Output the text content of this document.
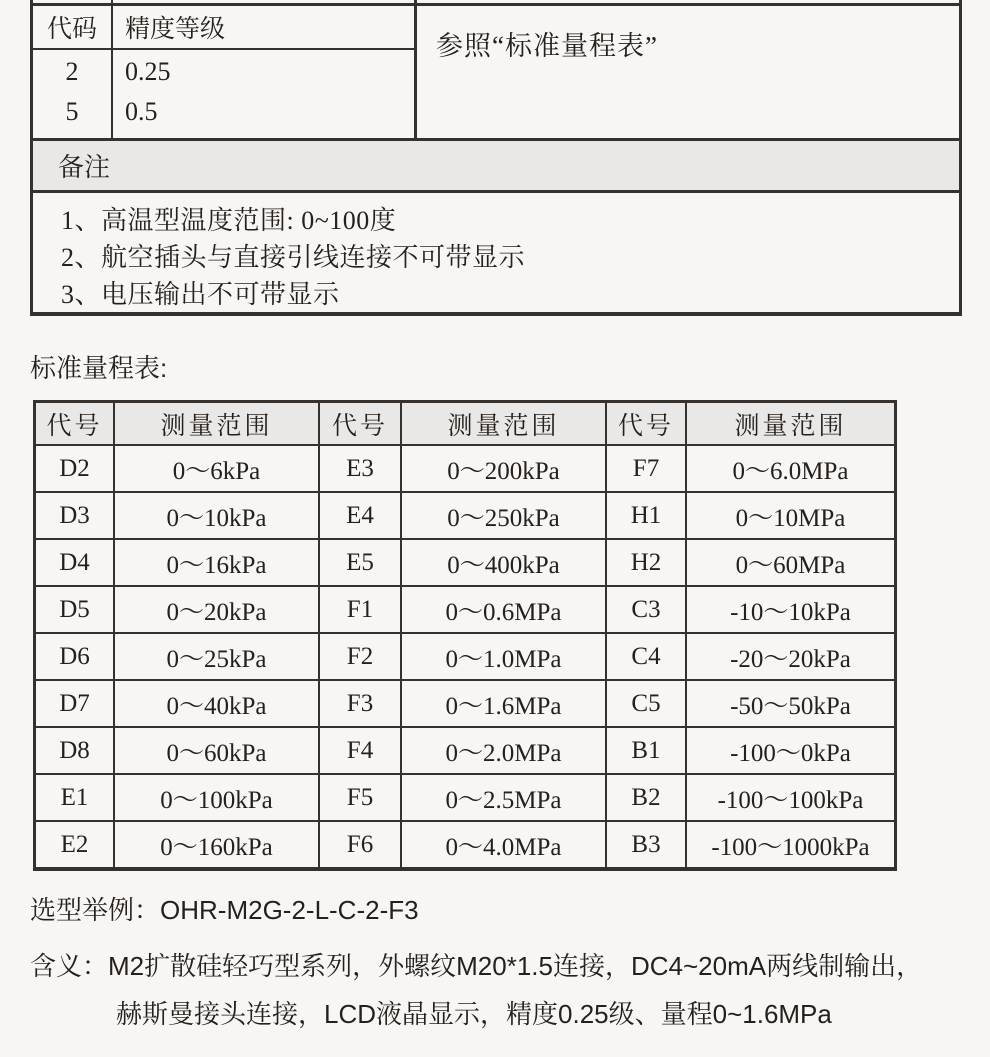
代码	精度等级
2	0.25
5	0.5
参照“标准量程表”
备注
1、高温型温度范围: 0~100度
2、航空插头与直接引线连接不可带显示
3、电压输出不可带显示
标准量程表:
代号	测量范围	代号	测量范围	代号	测量范围
D2	0～6kPa	E3	0～200kPa	F7	0～6.0MPa
D3	0～10kPa	E4	0～250kPa	H1	0～10MPa
D4	0～16kPa	E5	0～400kPa	H2	0～60MPa
D5	0～20kPa	F1	0～0.6MPa	C3	-10～10kPa
D6	0～25kPa	F2	0～1.0MPa	C4	-20～20kPa
D7	0～40kPa	F3	0～1.6MPa	C5	-50～50kPa
D8	0～60kPa	F4	0～2.0MPa	B1	-100～0kPa
E1	0～100kPa	F5	0～2.5MPa	B2	-100～100kPa
E2	0～160kPa	F6	0～4.0MPa	B3	-100～1000kPa
选型举例：OHR-M2G-2-L-C-2-F3
含义：M2扩散硅轻巧型系列，外螺纹M20*1.5连接，DC4~20mA两线制输出，
赫斯曼接头连接，LCD液晶显示，精度0.25级、量程0~1.6MPa
